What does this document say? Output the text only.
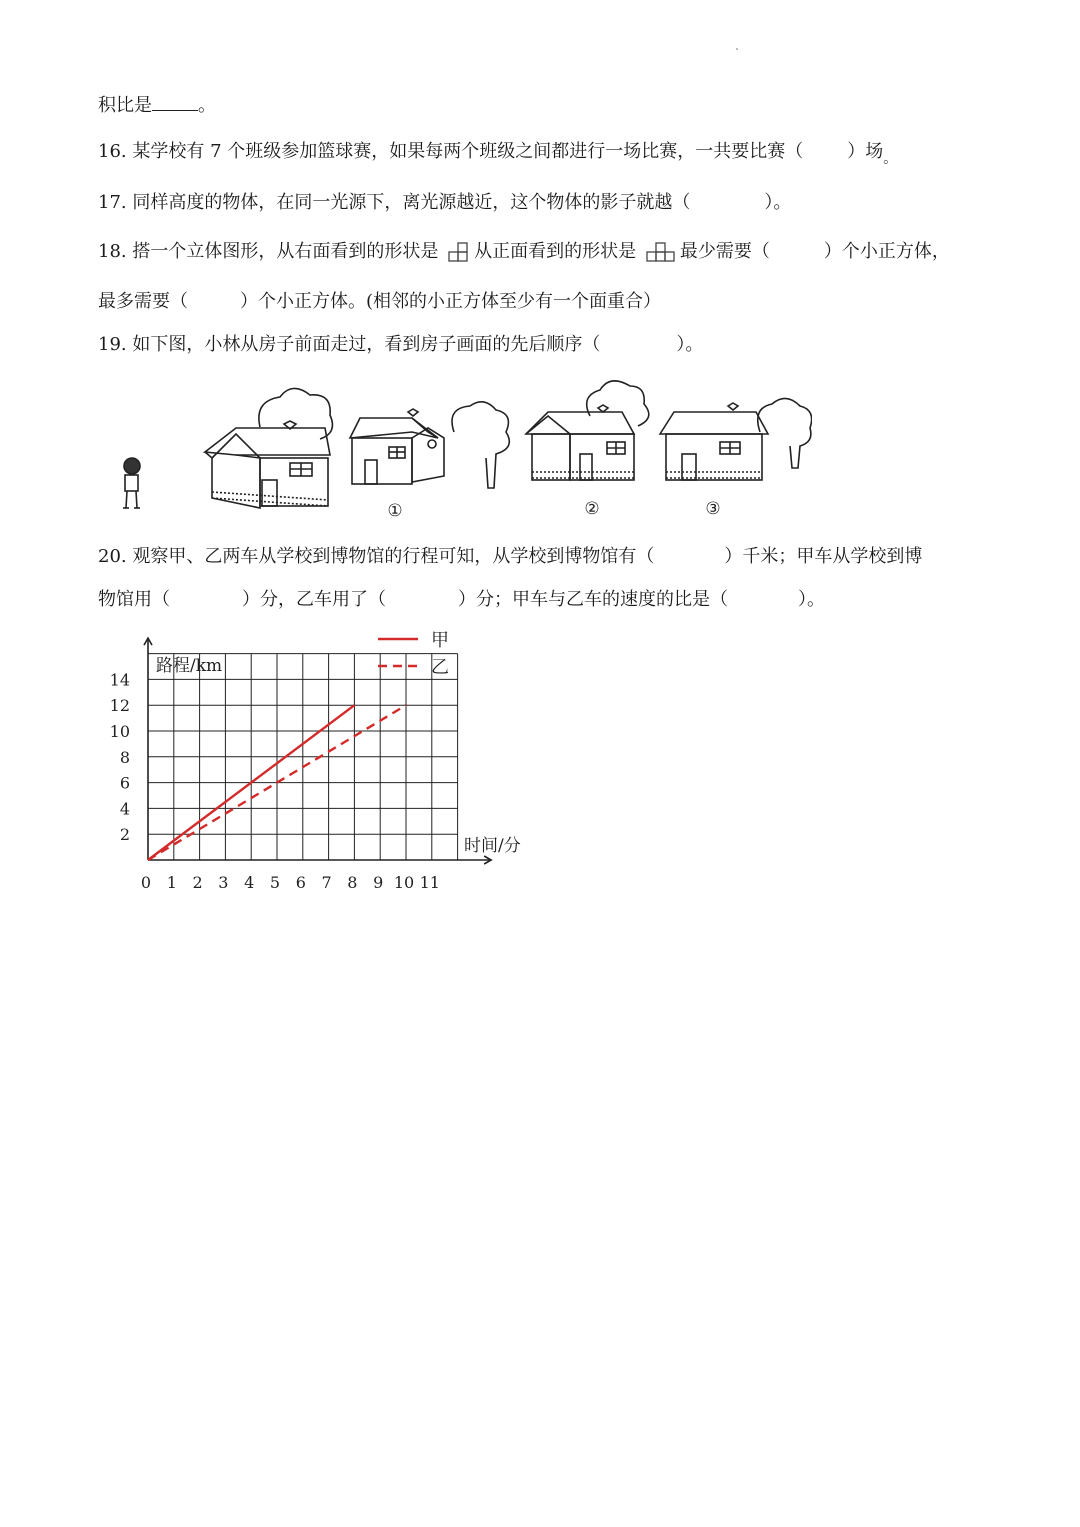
积比是	。
16. 某学校有 7 个班级参加篮球赛，如果每两个班级之间都进行一场比赛，一共要比赛（ ）场$_。$
17. 同样高度的物体，在同一光源下，离光源越近，这个物体的影子就越（	）。
18. 搭一个立体图形，从右面看到的形状是 从正面看到的形状是 最少需要（	）个小正方体，
最多需要（	）个小正方体。(相邻的小正方体至少有一个面重合）
19. 如下图，小林从房子前面走过，看到房子画面的先后顺序（	）。
①	②	③
20. 观察甲、乙两车从学校到博物馆的行程可知，从学校到博物馆有（	）千米；甲车从学校到博
物馆用（	）分，乙车用了（	）分；甲车与乙车的速度的比是（	）。
0 1 2 3 4 5 6 7 8 9 10 11
2
4
6
8
10
12
14
甲
乙
路程/km
时间/分
